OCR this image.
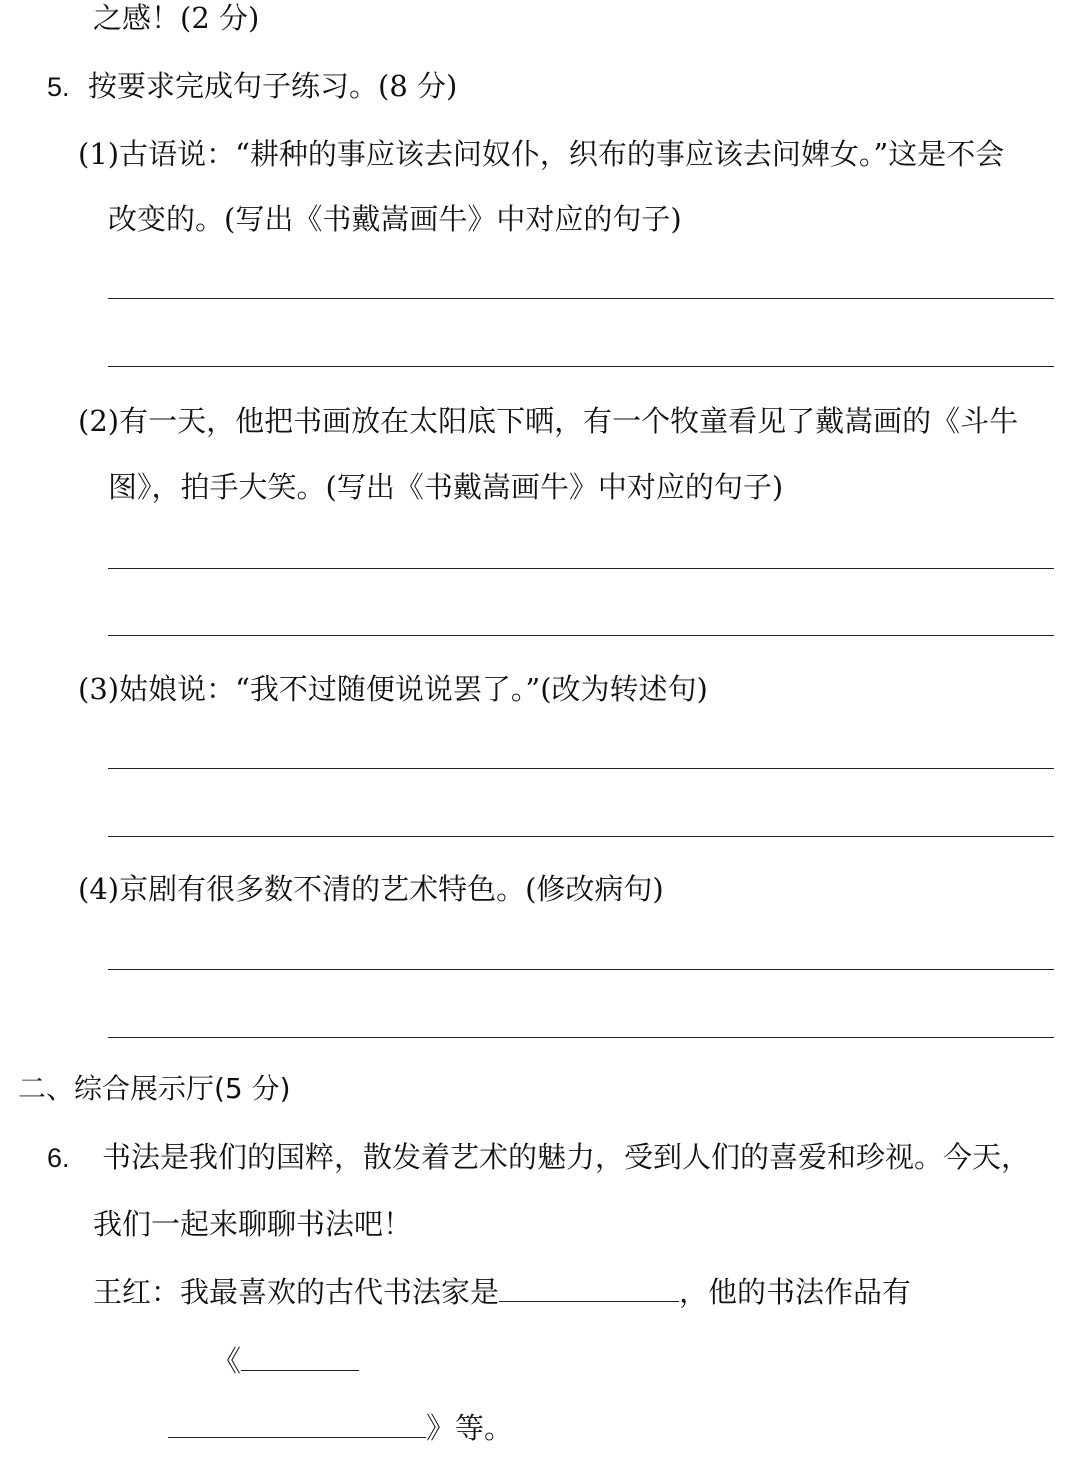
之感！(2 分)
5. 按要求完成句子练习。(8 分)
(1)古语说：“耕种的事应该去问奴仆，织布的事应该去问婢女。”这是不会
改变的。(写出《书戴嵩画牛》中对应的句子)
(2)有一天，他把书画放在太阳底下晒，有一个牧童看见了戴嵩画的《斗牛
图》，拍手大笑。(写出《书戴嵩画牛》中对应的句子)
(3)姑娘说：“我不过随便说说罢了。”(改为转述句)
(4)京剧有很多数不清的艺术特色。(修改病句)
二、综合展示厅(5 分)
6. 书法是我们的国粹，散发着艺术的魅力，受到人们的喜爱和珍视。今天，
我们一起来聊聊书法吧！
王红：我最喜欢的古代书法家是	，他的书法作品有
《
》等。
